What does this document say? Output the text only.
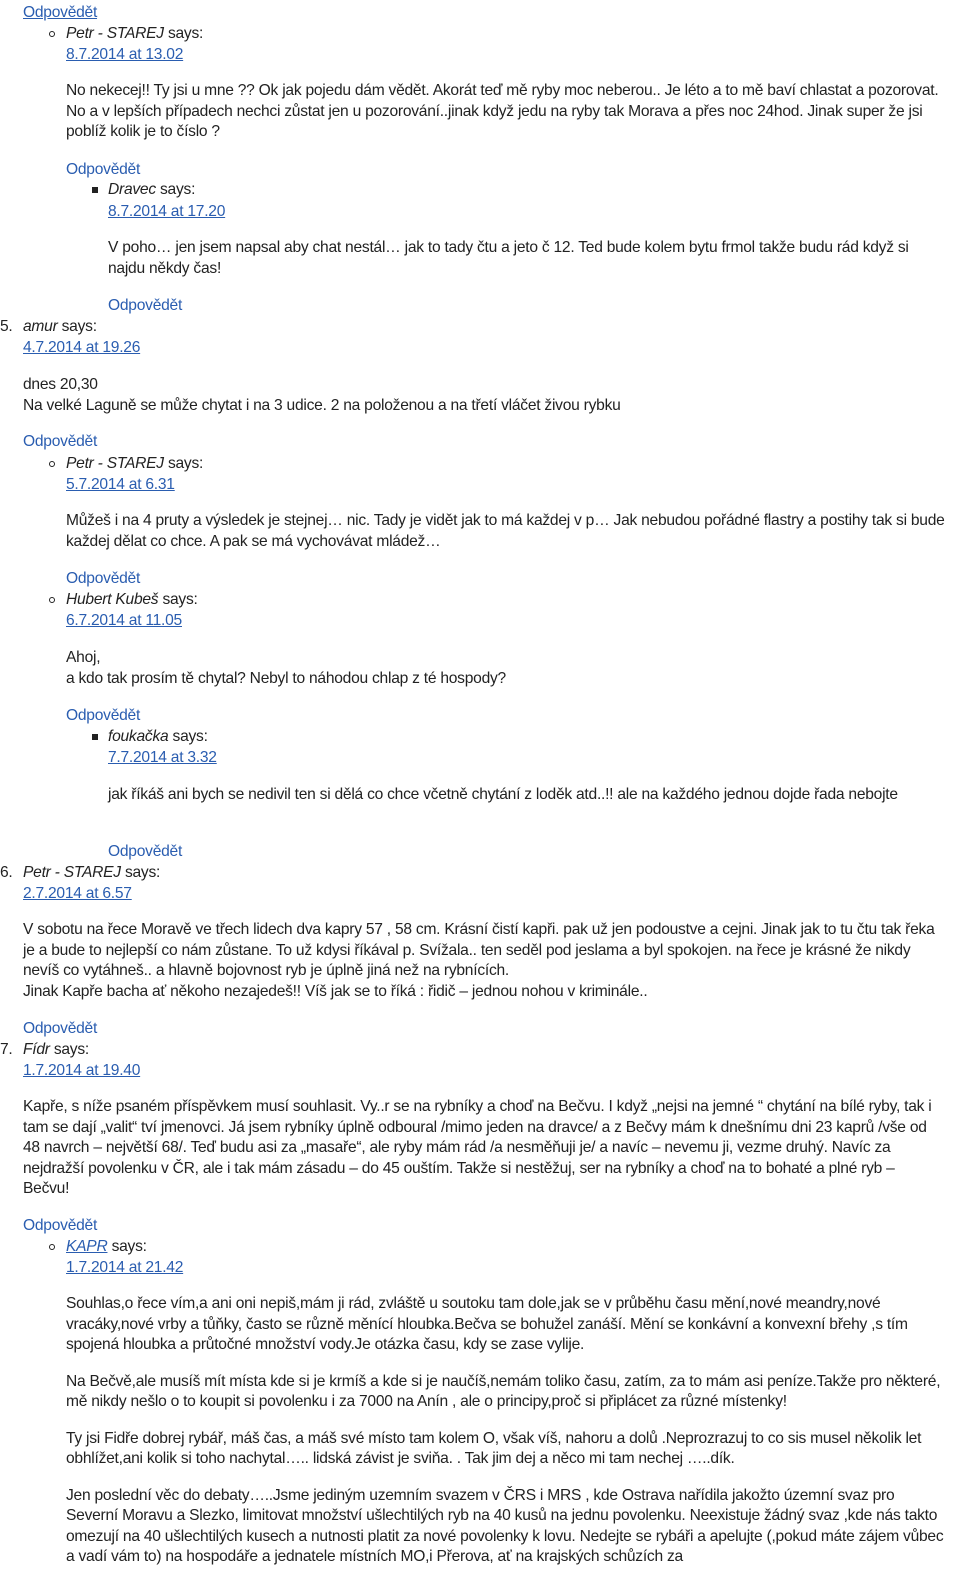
Odpovědět
Petr - STAREJ says:
8.7.2014 at 13.02

No nekecej!! Ty jsi u mne ?? Ok jak pojedu dám vědět. Akorát teď mě ryby moc neberou.. Je léto a to mě baví chlastat a pozorovat. No a v lepších případech nechci zůstat jen u pozorování..jinak když jedu na ryby tak Morava a přes noc 24hod. Jinak super že jsi poblíž kolik je to číslo ?

Odpovědět
Dravec says:
8.7.2014 at 17.20

V poho… jen jsem napsal aby chat nestál… jak to tady čtu a jeto č 12. Ted bude kolem bytu frmol takže budu rád když si najdu někdy čas!

Odpovědět
5. amur says:
4.7.2014 at 19.26

dnes 20,30

Na velké Laguně se může chytat i na 3 udice. 2 na položenou a na třetí vláčet živou rybku

Odpovědět
Petr - STAREJ says:
5.7.2014 at 6.31

Můžeš i na 4 pruty a výsledek je stejnej… nic. Tady je vidět jak to má každej v p… Jak nebudou pořádné flastry a postihy tak si bude každej dělat co chce. A pak se má vychovávat mládež…

Odpovědět
Hubert Kubeš says:
6.7.2014 at 11.05

Ahoj,

a kdo tak prosím tě chytal? Nebyl to náhodou chlap z té hospody?

Odpovědět
foukačka says:
7.7.2014 at 3.32

jak říkáš ani bych se nedivil ten si dělá co chce včetně chytání z loděk atd..!! ale na každého jednou dojde řada nebojte

Odpovědět
6. Petr - STAREJ says:
2.7.2014 at 6.57

V sobotu na řece Moravě ve třech lidech dva kapry 57 , 58 cm. Krásní čistí kapři. pak už jen podoustve a cejni. Jinak jak to tu čtu tak řeka je a bude to nejlepší co nám zůstane. To už kdysi říkával p. Svížala.. ten seděl pod jeslama a byl spokojen. na řece je krásné že nikdy nevíš co vytáhneš.. a hlavně bojovnost ryb je úplně jiná než na rybnících.

Jinak Kapře bacha ať někoho nezajedeš!! Víš jak se to říká : řidič – jednou nohou v kriminále..

Odpovědět
7. Fídr says:
1.7.2014 at 19.40

Kapře, s níže psaném příspěvkem musí souhlasit. Vy..r se na rybníky a choď na Bečvu. I když „nejsi na jemné “ chytání na bílé ryby, tak i tam se dají „valit“ tví jmenovci. Já jsem rybníky úplně odboural /mimo jeden na dravce/ a z Bečvy mám k dnešnímu dni 23 kaprů /vše od 48 navrch – největší 68/. Teď budu asi za „masaře“, ale ryby mám rád /a nesměňuji je/ a navíc – nevemu ji, vezme druhý. Navíc za nejdražší povolenku v ČR, ale i tak mám zásadu – do 45 ouštím. Takže si nestěžuj, ser na rybníky a choď na to bohaté a plné ryb – Bečvu!

Odpovědět
KAPR says:
1.7.2014 at 21.42

Souhlas,o řece vím,a ani oni nepiš,mám ji rád, zvláště u soutoku tam dole,jak se v průběhu času mění,nové meandry,nové vracáky,nové vrby a tůňky, často se různě měnící hloubka.Bečva se bohužel zanáší. Mění se konkávní a konvexní břehy ,s tím spojená hloubka a průtočné množství vody.Je otázka času, kdy se zase vylije.

Na Bečvě,ale musíš mít místa kde si je krmíš a kde si je naučíš,nemám toliko času, zatím, za to mám asi peníze.Takže pro některé, mě nikdy nešlo o to koupit si povolenku i za 7000 na Anín , ale o principy,proč si připlácet za různé místenky!

Ty jsi Fidře dobrej rybář, máš čas, a máš své místo tam kolem O, však víš, nahoru a dolů .Neprozrazuj to co sis musel několik let obhlížet,ani kolik si toho nachytal….. lidská závist je sviňa. . Tak jim dej a něco mi tam nechej …..dík.

Jen poslední věc do debaty…..Jsme jediným uzemním svazem v ČRS i MRS , kde Ostrava nařídila jakožto územní svaz pro Severní Moravu a Slezko, limitovat množství ušlechtilých ryb na 40 kusů na jednu povolenku. Neexistuje žádný svaz ,kde nás takto omezují na 40 ušlechtilých kusech a nutnosti platit za nové povolenky k lovu. Nedejte se rybáři a apelujte (,pokud máte zájem vůbec a vadí vám to) na hospodáře a jednatele místních MO,i Přerova, ať na krajských schůzích za
